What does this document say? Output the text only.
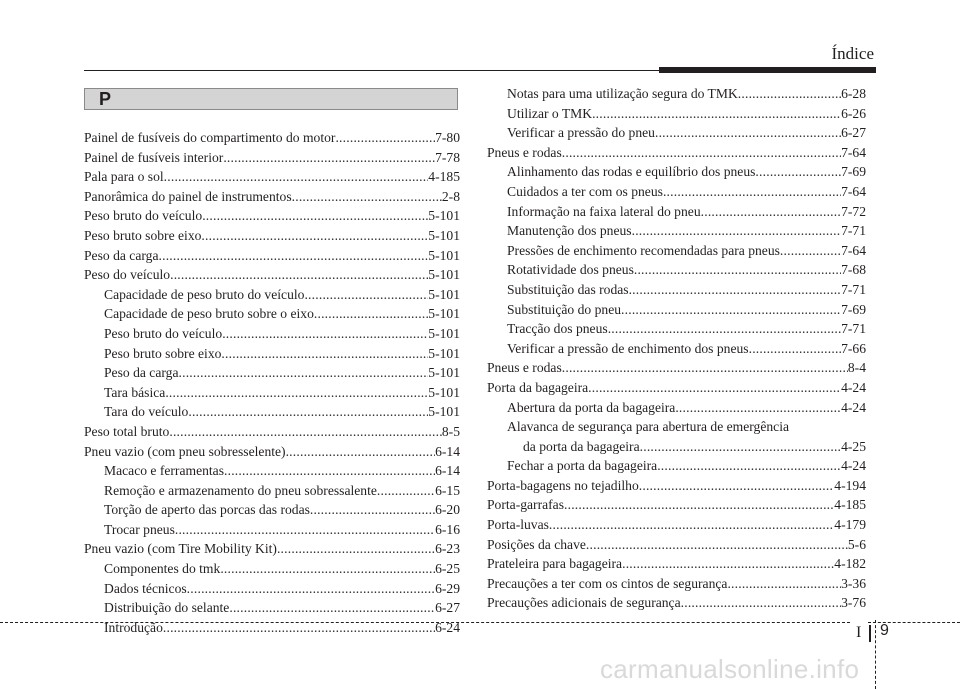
Índice
P
Painel de fusíveis do compartimento do motor .....	7-80
Painel de fusíveis interior .....	7-78
Pala para o sol .....	4-185
Panorâmica do painel de instrumentos .....	2-8
Peso bruto do veículo .....	5-101
Peso bruto sobre eixo .....	5-101
Peso da carga .....	5-101
Peso do veículo .....	5-101
Capacidade de peso bruto do veículo .....	5-101
Capacidade de peso bruto sobre o eixo .....	5-101
Peso bruto do veículo .....	5-101
Peso bruto sobre eixo .....	5-101
Peso da carga .....	5-101
Tara básica .....	5-101
Tara do veículo .....	5-101
Peso total bruto .....	8-5
Pneu vazio (com pneu sobresselente) .....	6-14
Macaco e ferramentas .....	6-14
Remoção e armazenamento do pneu sobressalente .....	6-15
Torção de aperto das porcas das rodas .....	6-20
Trocar pneus .....	6-16
Pneu vazio (com Tire Mobility Kit) .....	6-23
Componentes do tmk .....	6-25
Dados técnicos .....	6-29
Distribuição do selante .....	6-27
Introdução .....	6-24
Notas para uma utilização segura do TMK .....	6-28
Utilizar o TMK .....	6-26
Verificar a pressão do pneu .....	6-27
Pneus e rodas .....	7-64
Alinhamento das rodas e equilíbrio dos pneus .....	7-69
Cuidados a ter com os pneus .....	7-64
Informação na faixa lateral do pneu .....	7-72
Manutenção dos pneus .....	7-71
Pressões de enchimento recomendadas para pneus .....	7-64
Rotatividade dos pneus .....	7-68
Substituição das rodas .....	7-71
Substituição do pneu .....	7-69
Tracção dos pneus .....	7-71
Verificar a pressão de enchimento dos pneus .....	7-66
Pneus e rodas .....	8-4
Porta da bagageira .....	4-24
Abertura da porta da bagageira .....	4-24
Alavanca de segurança para abertura de emergência
da porta da bagageira .....	4-25
Fechar a porta da bagageira .....	4-24
Porta-bagagens no tejadilho .....	4-194
Porta-garrafas .....	4-185
Porta-luvas .....	4-179
Posições da chave .....	5-6
Prateleira para bagageira .....	4-182
Precauções a ter com os cintos de segurança .....	3-36
Precauções adicionais de segurança .....	3-76
I 9
carmanualsonline.info
